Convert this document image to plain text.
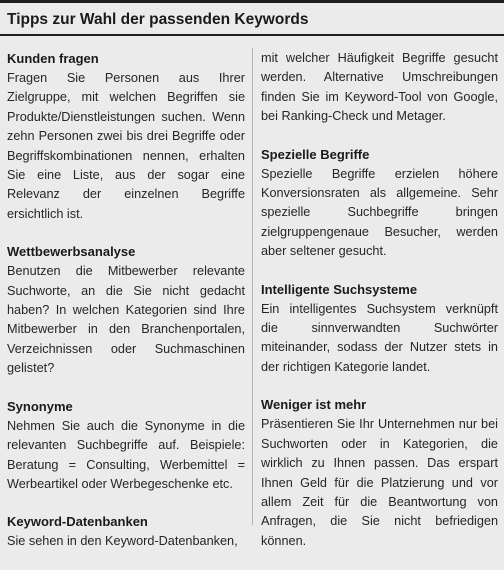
Tipps zur Wahl der passenden Keywords
Kunden fragen

Fragen Sie Personen aus Ihrer Zielgruppe, mit welchen Begriffen sie Produkte/Dienstleistungen suchen. Wenn zehn Personen zwei bis drei Begriffe oder Begriffskombinationen nennen, erhalten Sie eine Liste, aus der sogar eine Relevanz der einzelnen Begriffe ersichtlich ist.

Wettbewerbsanalyse

Benutzen die Mitbewerber relevante Suchworte, an die Sie nicht gedacht haben? In welchen Kategorien sind Ihre Mitbewerber in den Branchenportalen, Verzeichnissen oder Suchmaschinen gelistet?

Synonyme

Nehmen Sie auch die Synonyme in die relevanten Suchbegriffe auf. Beispiele: Beratung = Consulting, Werbemittel = Werbeartikel oder Werbegeschenke etc.

Keyword-Datenbanken

Sie sehen in den Keyword-Datenbanken,

mit welcher Häufigkeit Begriffe gesucht werden. Alternative Umschreibungen finden Sie im Keyword-Tool von Google, bei Ranking-Check und Metager.

Spezielle Begriffe

Spezielle Begriffe erzielen höhere Konversionsraten als allgemeine. Sehr spezielle Suchbegriffe bringen zielgruppengenaue Besucher, werden aber seltener gesucht.

Intelligente Suchsysteme

Ein intelligentes Suchsystem verknüpft die sinnverwandten Suchwörter miteinander, sodass der Nutzer stets in der richtigen Kategorie landet.

Weniger ist mehr

Präsentieren Sie Ihr Unternehmen nur bei Suchworten oder in Kategorien, die wirklich zu Ihnen passen. Das erspart Ihnen Geld für die Platzierung und vor allem Zeit für die Beantwortung von Anfragen, die Sie nicht befriedigen können.
